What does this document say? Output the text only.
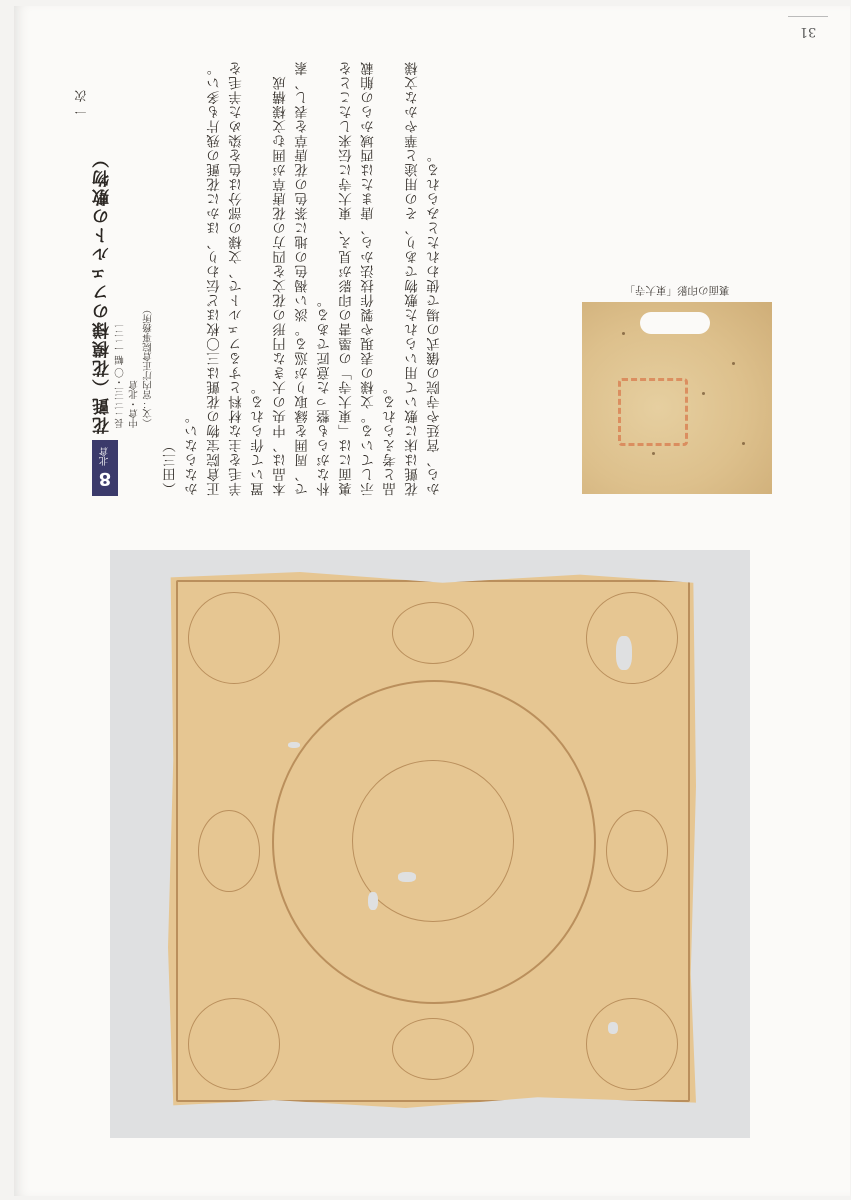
31

（田三） かならない。 正倉院宝物の花氈は三〇枚ほど伝わり、ほかに花氈の残片も多い。羊毛を主な材料とするフェルトで、文様の部分は色を染めた羊毛を置いて作られる。 本品は、中央の大きな円形の花文を四方の花唐草が囲む文様構成で、周囲を縁取りが巡る。淡い褐色の地に茶色の花唐草を表し、素朴ながらも整った意匠である。 裏面には「東大寺」の墨書の印影が見え、東大寺に伝来したことを示している。文様の表現や製作技法から、唐または西域からの舶載品と考えられる。 花氈は床に敷いて用いられた敷物であり、その用途と華やかな文様から、宮廷や寺院の儀式の場で使われたとみられる。	裏面の印影「東大寺」
8
北倉
花氈（花模様のフェルトの敷物） 長 二二三・〇 幅 一二二 中倉・北倉 （文：宮内庁正倉院事務所）
一 次
